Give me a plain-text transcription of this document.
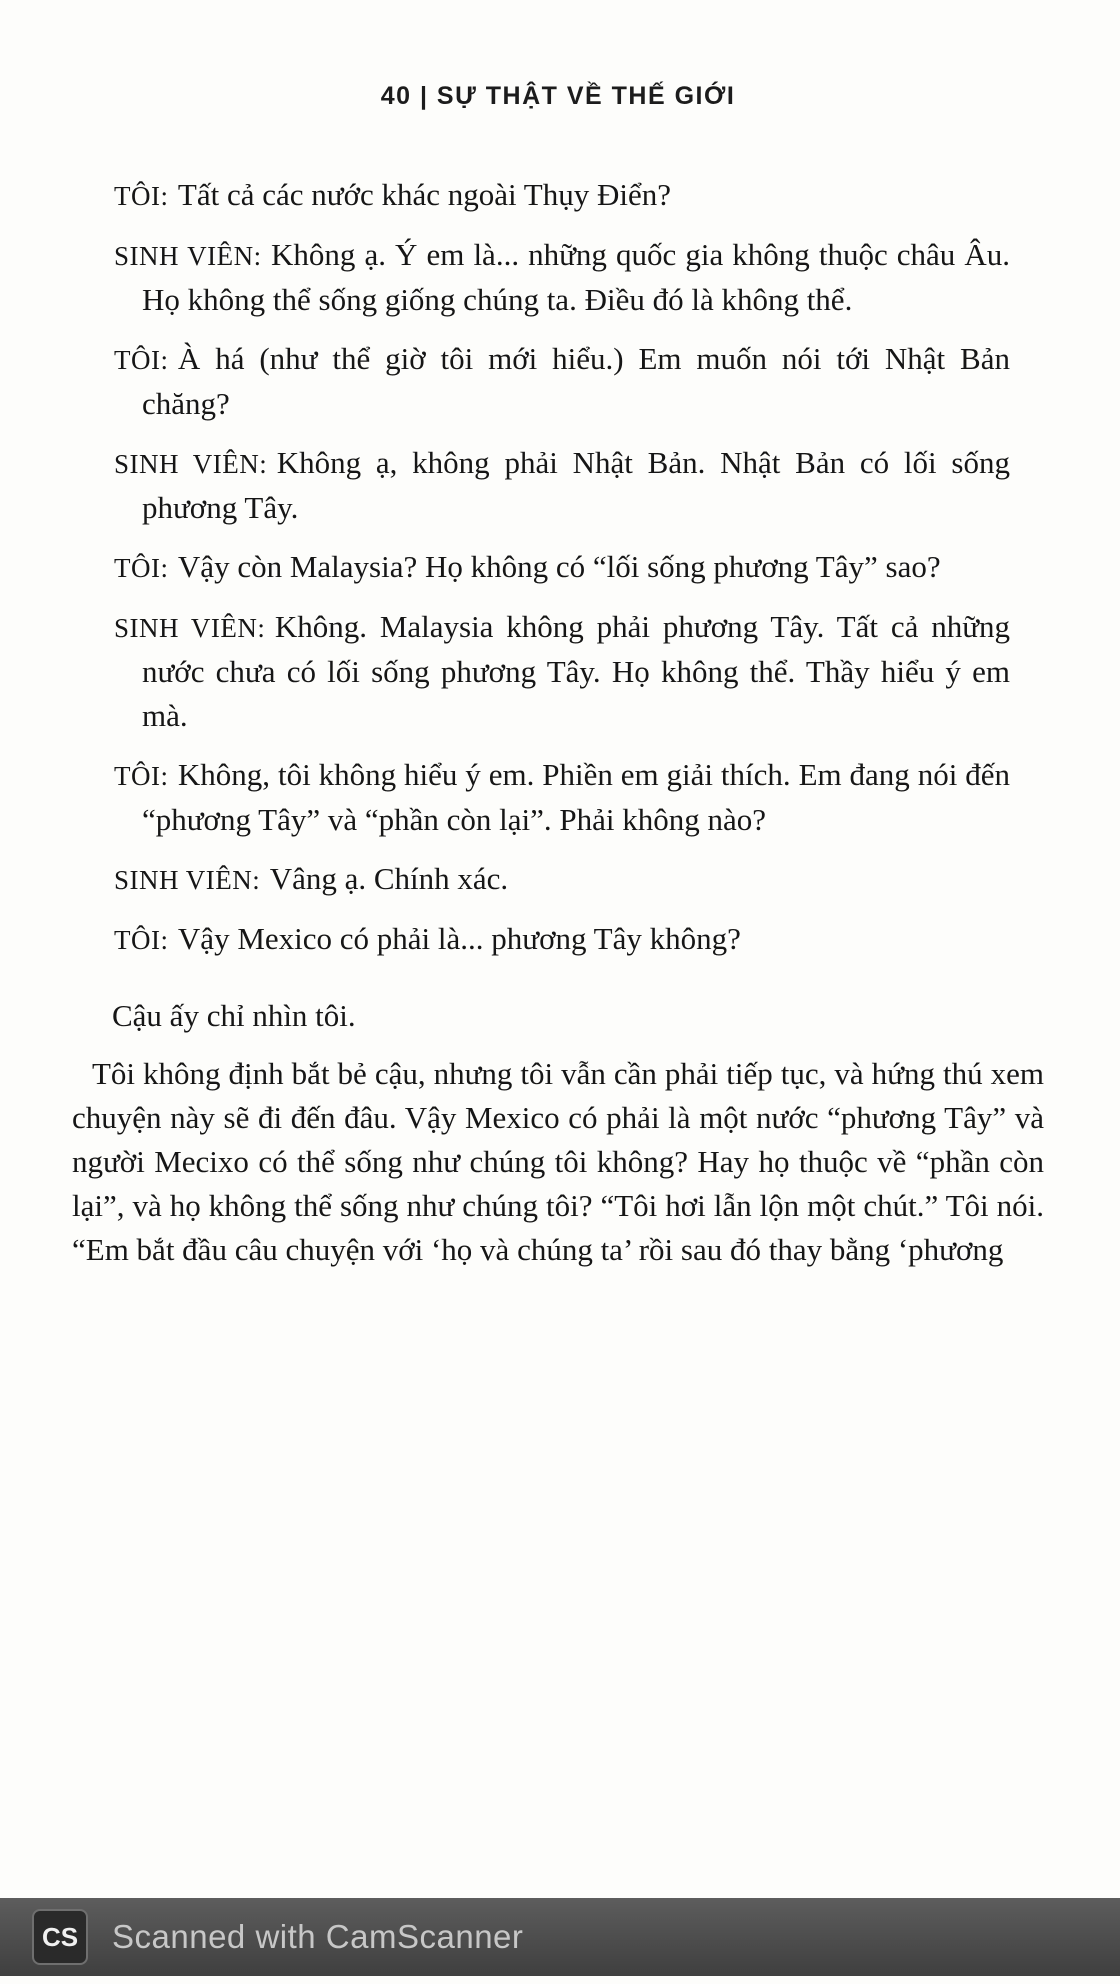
40 | SỰ THẬT VỀ THẾ GIỚI

TÔI: Tất cả các nước khác ngoài Thụy Điển?

SINH VIÊN: Không ạ. Ý em là... những quốc gia không thuộc châu Âu. Họ không thể sống giống chúng ta. Điều đó là không thể.

TÔI: À há (như thể giờ tôi mới hiểu.) Em muốn nói tới Nhật Bản chăng?

SINH VIÊN: Không ạ, không phải Nhật Bản. Nhật Bản có lối sống phương Tây.

TÔI: Vậy còn Malaysia? Họ không có “lối sống phương Tây” sao?

SINH VIÊN: Không. Malaysia không phải phương Tây. Tất cả những nước chưa có lối sống phương Tây. Họ không thể. Thầy hiểu ý em mà.

TÔI: Không, tôi không hiểu ý em. Phiền em giải thích. Em đang nói đến “phương Tây” và “phần còn lại”. Phải không nào?

SINH VIÊN: Vâng ạ. Chính xác.

TÔI: Vậy Mexico có phải là... phương Tây không?

Cậu ấy chỉ nhìn tôi.

Tôi không định bắt bẻ cậu, nhưng tôi vẫn cần phải tiếp tục, và hứng thú xem chuyện này sẽ đi đến đâu. Vậy Mexico có phải là một nước “phương Tây” và người Mecixo có thể sống như chúng tôi không? Hay họ thuộc về “phần còn lại”, và họ không thể sống như chúng tôi? “Tôi hơi lẫn lộn một chút.” Tôi nói. “Em bắt đầu câu chuyện với ‘họ và chúng ta’ rồi sau đó thay bằng ‘phương

CS	Scanned with CamScanner
